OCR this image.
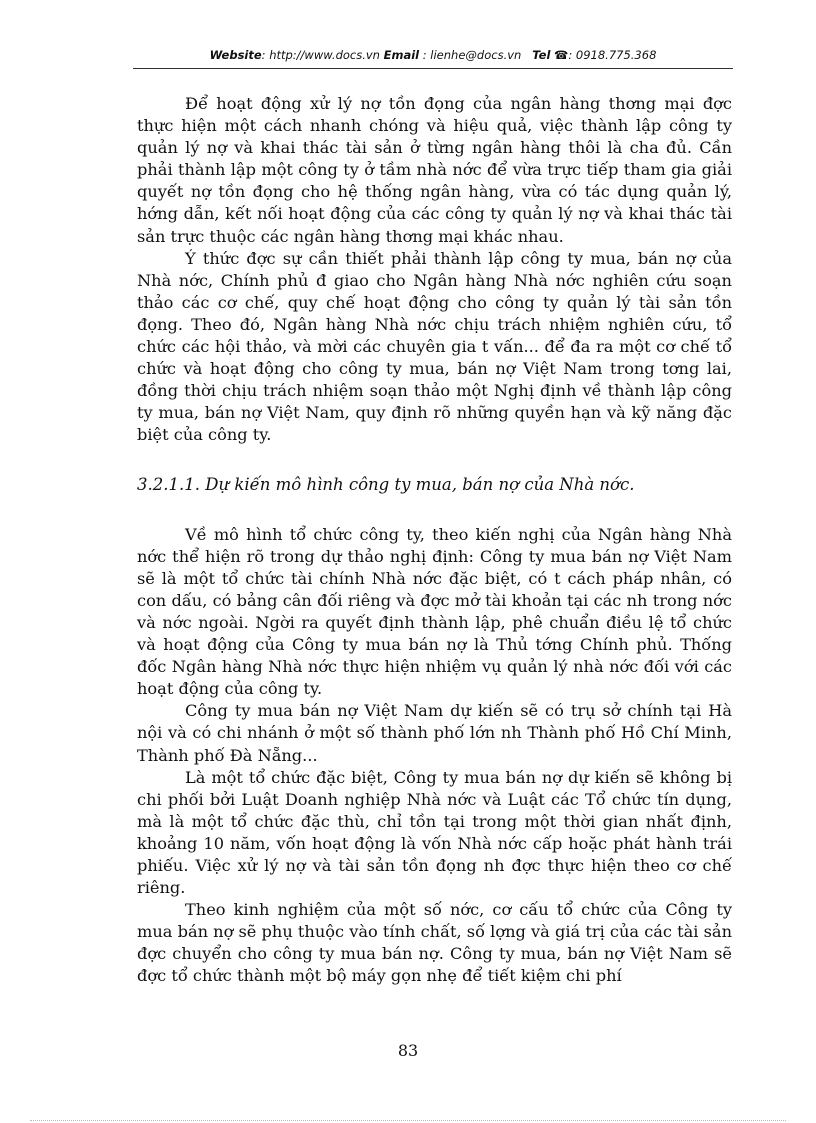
Website: http://www.docs.vn Email : lienhe@docs.vn Tel ☎: 0918.775.368

Để hoạt động xử lý nợ tồn đọng của ngân hàng thơng mại đợc thực hiện một cách nhanh chóng và hiệu quả, việc thành lập công ty quản lý nợ và khai thác tài sản ở từng ngân hàng thôi là cha đủ. Cần phải thành lập một công ty ở tầm nhà nớc để vừa trực tiếp tham gia giải quyết nợ tồn đọng cho hệ thống ngân hàng, vừa có tác dụng quản lý, hớng dẫn, kết nối hoạt động của các công ty quản lý nợ và khai thác tài sản trực thuộc các ngân hàng thơng mại khác nhau.

Ý thức đợc sự cần thiết phải thành lập công ty mua, bán nợ của Nhà nớc, Chính phủ đ giao cho Ngân hàng Nhà nớc nghiên cứu soạn thảo các cơ chế, quy chế hoạt động cho công ty quản lý tài sản tồn đọng. Theo đó, Ngân hàng Nhà nớc chịu trách nhiệm nghiên cứu, tổ chức các hội thảo, và mời các chuyên gia t vấn... để đa ra một cơ chế tổ chức và hoạt động cho công ty mua, bán nợ Việt Nam trong tơng lai, đồng thời chịu trách nhiệm soạn thảo một Nghị định về thành lập công ty mua, bán nợ Việt Nam, quy định rõ những quyền hạn và kỹ năng đặc biệt của công ty.

3.2.1.1. Dự kiến mô hình công ty mua, bán nợ của Nhà nớc.

Về mô hình tổ chức công ty, theo kiến nghị của Ngân hàng Nhà nớc thể hiện rõ trong dự thảo nghị định: Công ty mua bán nợ Việt Nam sẽ là một tổ chức tài chính Nhà nớc đặc biệt, có t cách pháp nhân, có con dấu, có bảng cân đối riêng và đợc mở tài khoản tại các nh trong nớc và nớc ngoài. Ngời ra quyết định thành lập, phê chuẩn điều lệ tổ chức và hoạt động của Công ty mua bán nợ là Thủ tớng Chính phủ. Thống đốc Ngân hàng Nhà nớc thực hiện nhiệm vụ quản lý nhà nớc đối với các hoạt động của công ty.

Công ty mua bán nợ Việt Nam dự kiến sẽ có trụ sở chính tại Hà nội và có chi nhánh ở một số thành phố lớn nh Thành phố Hồ Chí Minh, Thành phố Đà Nẵng...

Là một tổ chức đặc biệt, Công ty mua bán nợ dự kiến sẽ không bị chi phối bởi Luật Doanh nghiệp Nhà nớc và Luật các Tổ chức tín dụng, mà là một tổ chức đặc thù, chỉ tồn tại trong một thời gian nhất định, khoảng 10 năm, vốn hoạt động là vốn Nhà nớc cấp hoặc phát hành trái phiếu. Việc xử lý nợ và tài sản tồn đọng nh đợc thực hiện theo cơ chế riêng.

Theo kinh nghiệm của một số nớc, cơ cấu tổ chức của Công ty mua bán nợ sẽ phụ thuộc vào tính chất, số lợng và giá trị của các tài sản đợc chuyển cho công ty mua bán nợ. Công ty mua, bán nợ Việt Nam sẽ đợc tổ chức thành một bộ máy gọn nhẹ để tiết kiệm chi phí

83
